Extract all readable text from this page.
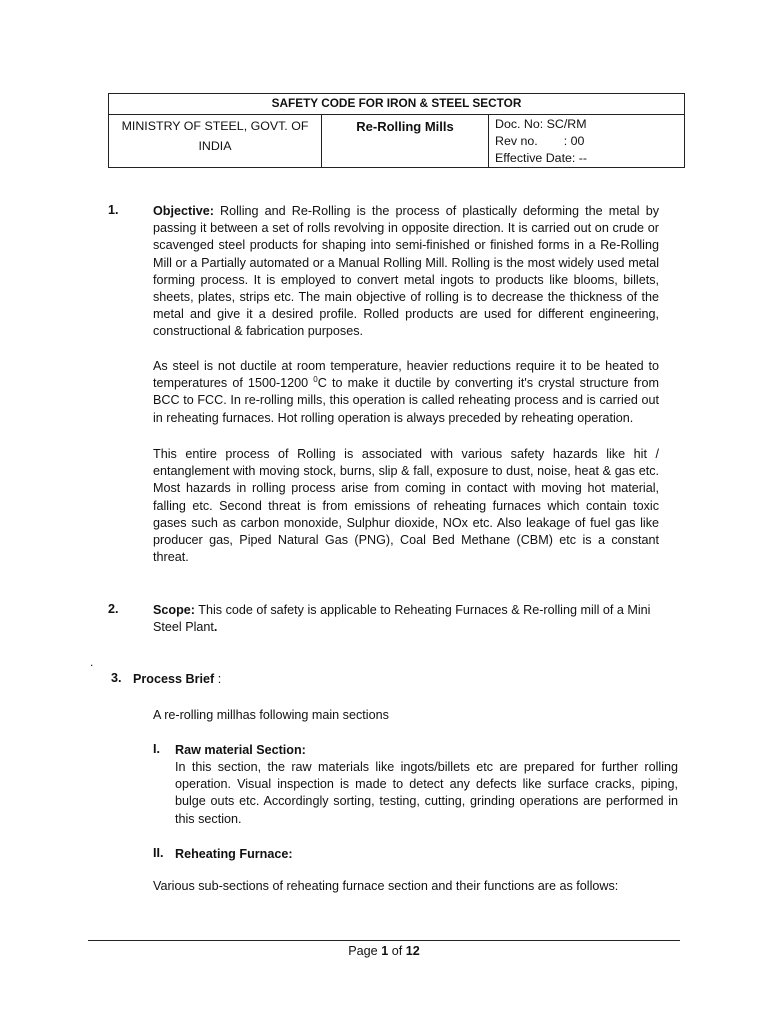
SAFETY CODE FOR IRON & STEEL SECTOR
MINISTRY OF STEEL, GOVT. OF INDIA	Re-Rolling Mills	Doc. No: SC/RM
Rev no. : 00
Effective Date: --
1.	Objective: Rolling and Re-Rolling is the process of plastically deforming the metal by passing it between a set of rolls revolving in opposite direction. It is carried out on crude or scavenged steel products for shaping into semi-finished or finished forms in a Re-Rolling Mill or a Partially automated or a Manual Rolling Mill. Rolling is the most widely used metal forming process. It is employed to convert metal ingots to products like blooms, billets, sheets, plates, strips etc. The main objective of rolling is to decrease the thickness of the metal and give it a desired profile. Rolled products are used for different engineering, constructional & fabrication purposes.
As steel is not ductile at room temperature, heavier reductions require it to be heated to temperatures of 1500-1200 $^0$C to make it ductile by converting it's crystal structure from BCC to FCC. In re-rolling mills, this operation is called reheating process and is carried out in reheating furnaces. Hot rolling operation is always preceded by reheating operation.
This entire process of Rolling is associated with various safety hazards like hit / entanglement with moving stock, burns, slip & fall, exposure to dust, noise, heat & gas etc. Most hazards in rolling process arise from coming in contact with moving hot material, falling etc. Second threat is from emissions of reheating furnaces which contain toxic gases such as carbon monoxide, Sulphur dioxide, NOx etc. Also leakage of fuel gas like producer gas, Piped Natural Gas (PNG), Coal Bed Methane (CBM) etc is a constant threat.
2.	Scope: This code of safety is applicable to Reheating Furnaces & Re-rolling mill of a Mini Steel Plant.
.
3. Process Brief :
A re-rolling millhas following main sections
I. Raw material Section:
In this section, the raw materials like ingots/billets etc are prepared for further rolling operation. Visual inspection is made to detect any defects like surface cracks, piping, bulge outs etc. Accordingly sorting, testing, cutting, grinding operations are performed in this section.
II. Reheating Furnace:
Various sub-sections of reheating furnace section and their functions are as follows:
Page 1 of 12
